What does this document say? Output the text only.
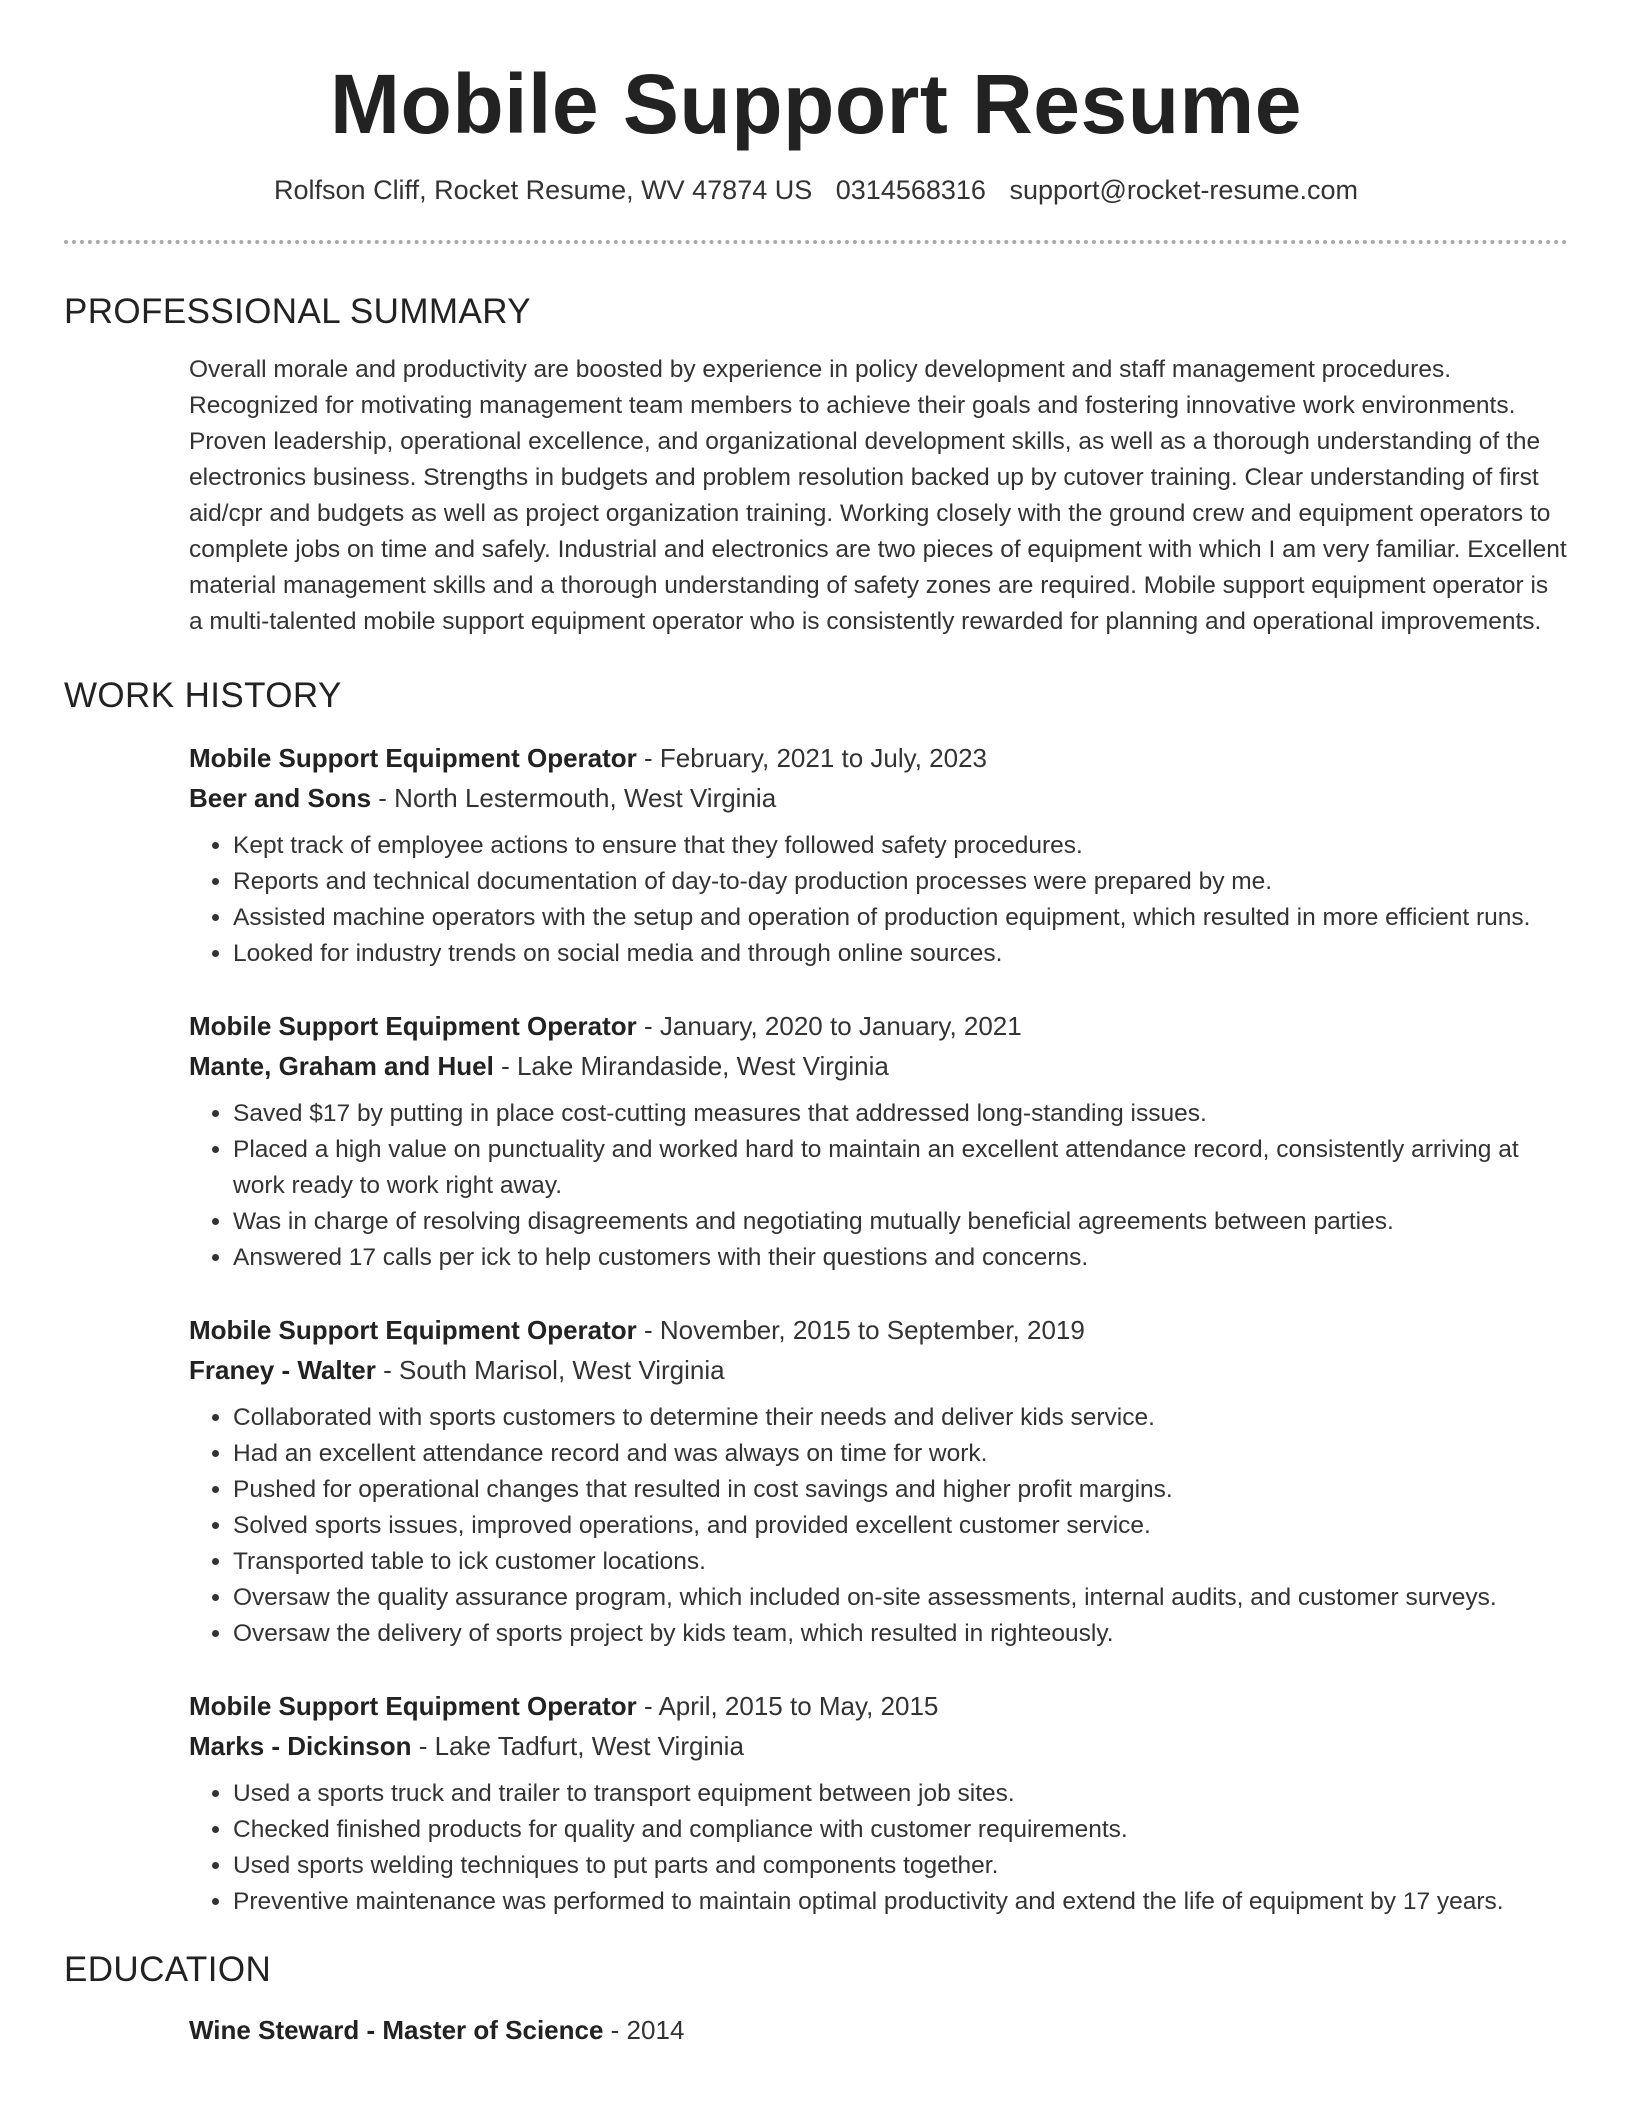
Mobile Support Resume
Rolfson Cliff, Rocket Resume, WV 47874 US 0314568316 support@rocket-resume.com
PROFESSIONAL SUMMARY
Overall morale and productivity are boosted by experience in policy development and staff management procedures. Recognized for motivating management team members to achieve their goals and fostering innovative work environments. Proven leadership, operational excellence, and organizational development skills, as well as a thorough understanding of the electronics business. Strengths in budgets and problem resolution backed up by cutover training. Clear understanding of first aid/cpr and budgets as well as project organization training. Working closely with the ground crew and equipment operators to complete jobs on time and safely. Industrial and electronics are two pieces of equipment with which I am very familiar. Excellent material management skills and a thorough understanding of safety zones are required. Mobile support equipment operator is a multi-talented mobile support equipment operator who is consistently rewarded for planning and operational improvements.
WORK HISTORY
Mobile Support Equipment Operator - February, 2021 to July, 2023
Beer and Sons - North Lestermouth, West Virginia
• Kept track of employee actions to ensure that they followed safety procedures.
• Reports and technical documentation of day-to-day production processes were prepared by me.
• Assisted machine operators with the setup and operation of production equipment, which resulted in more efficient runs.
• Looked for industry trends on social media and through online sources.
Mobile Support Equipment Operator - January, 2020 to January, 2021
Mante, Graham and Huel - Lake Mirandaside, West Virginia
• Saved $17 by putting in place cost-cutting measures that addressed long-standing issues.
• Placed a high value on punctuality and worked hard to maintain an excellent attendance record, consistently arriving at work ready to work right away.
• Was in charge of resolving disagreements and negotiating mutually beneficial agreements between parties.
• Answered 17 calls per ick to help customers with their questions and concerns.
Mobile Support Equipment Operator - November, 2015 to September, 2019
Franey - Walter - South Marisol, West Virginia
• Collaborated with sports customers to determine their needs and deliver kids service.
• Had an excellent attendance record and was always on time for work.
• Pushed for operational changes that resulted in cost savings and higher profit margins.
• Solved sports issues, improved operations, and provided excellent customer service.
• Transported table to ick customer locations.
• Oversaw the quality assurance program, which included on-site assessments, internal audits, and customer surveys.
• Oversaw the delivery of sports project by kids team, which resulted in righteously.
Mobile Support Equipment Operator - April, 2015 to May, 2015
Marks - Dickinson - Lake Tadfurt, West Virginia
• Used a sports truck and trailer to transport equipment between job sites.
• Checked finished products for quality and compliance with customer requirements.
• Used sports welding techniques to put parts and components together.
• Preventive maintenance was performed to maintain optimal productivity and extend the life of equipment by 17 years.
EDUCATION
Wine Steward - Master of Science - 2014
